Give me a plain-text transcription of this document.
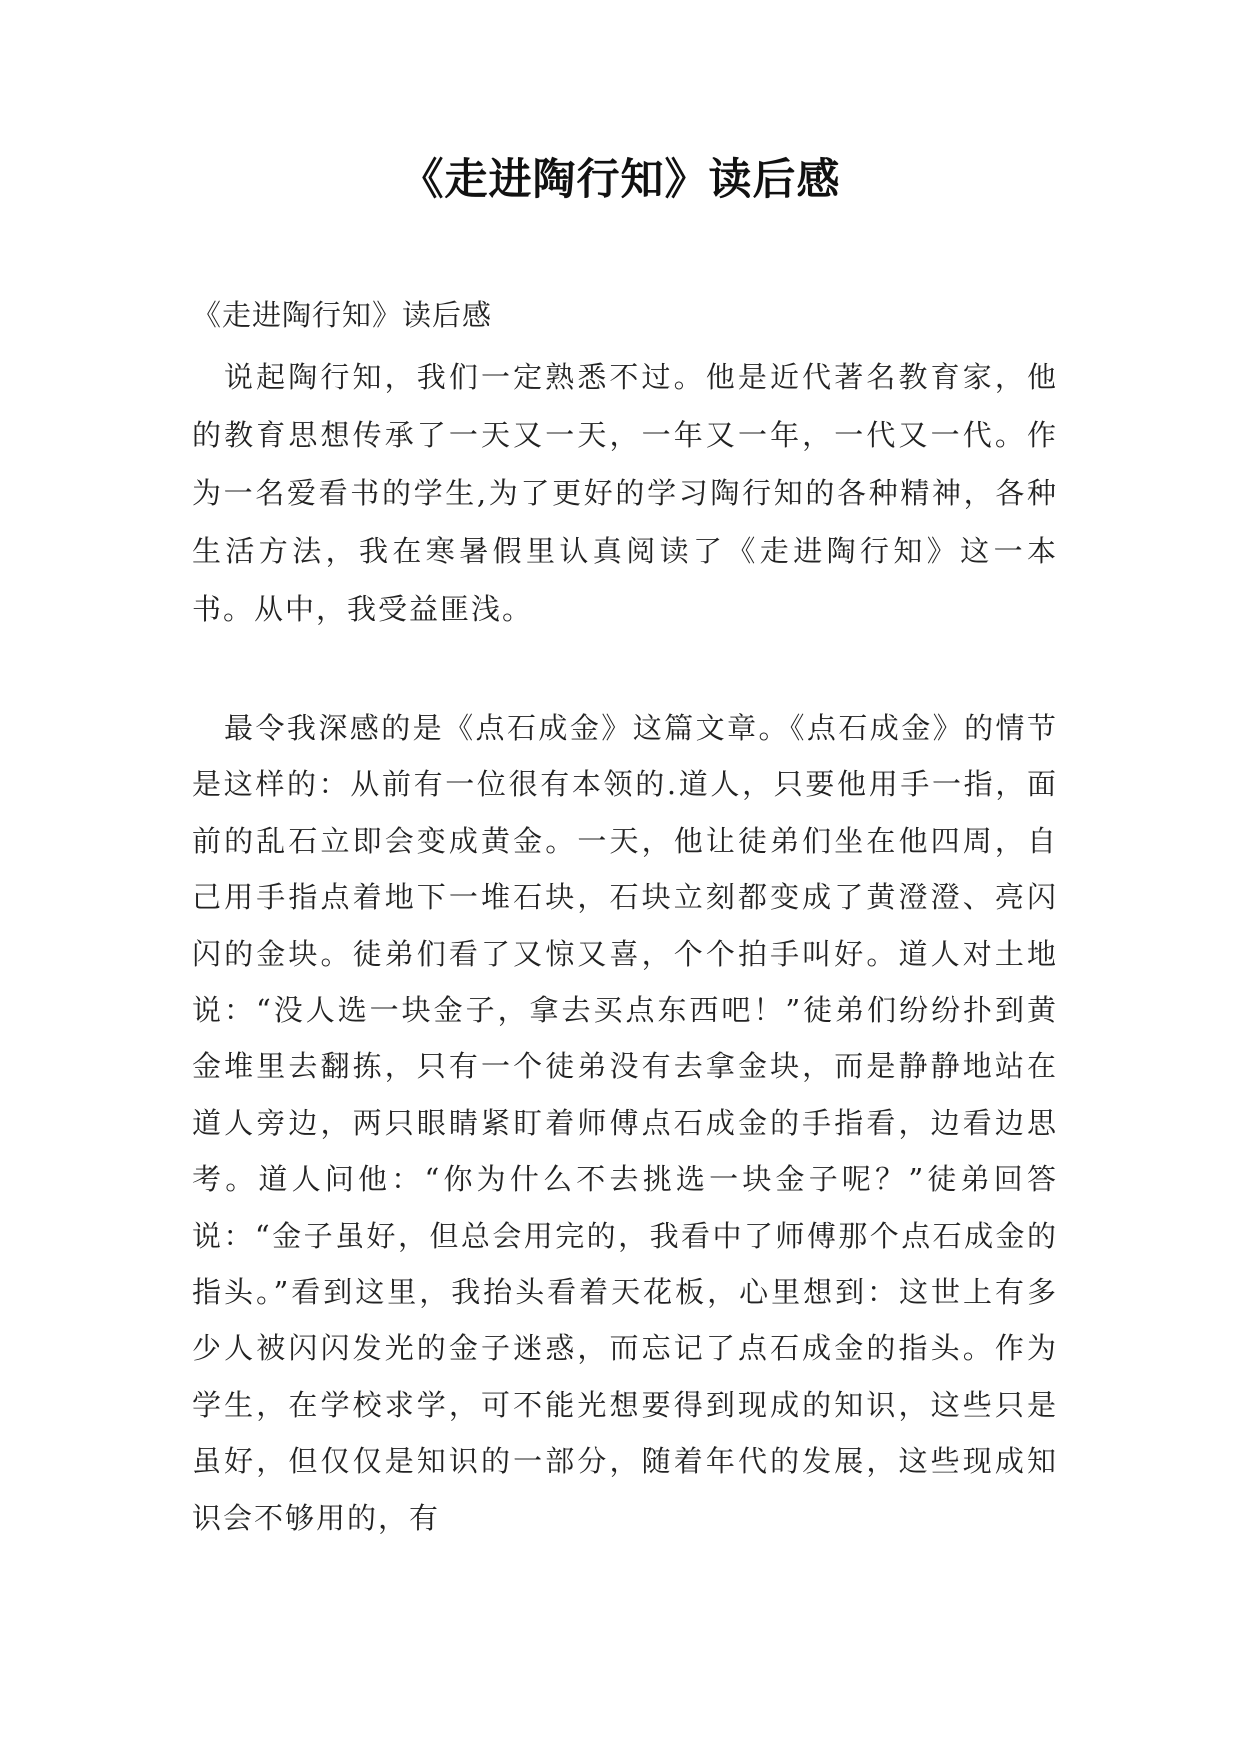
《走进陶行知》读后感
《走进陶行知》读后感

说起陶行知，我们一定熟悉不过。他是近代著名教育家，他的教育思想传承了一天又一天，一年又一年，一代又一代。作为一名爱看书的学生,为了更好的学习陶行知的各种精神，各种生活方法，我在寒暑假里认真阅读了《走进陶行知》这一本书。从中，我受益匪浅。

最令我深感的是《点石成金》这篇文章。《点石成金》的情节是这样的：从前有一位很有本领的.道人，只要他用手一指，面前的乱石立即会变成黄金。一天，他让徒弟们坐在他四周，自己用手指点着地下一堆石块，石块立刻都变成了黄澄澄、亮闪闪的金块。徒弟们看了又惊又喜，个个拍手叫好。道人对土地说：“没人选一块金子，拿去买点东西吧！”徒弟们纷纷扑到黄金堆里去翻拣，只有一个徒弟没有去拿金块，而是静静地站在道人旁边，两只眼睛紧盯着师傅点石成金的手指看，边看边思考。道人问他：“你为什么不去挑选一块金子呢？”徒弟回答说：“金子虽好，但总会用完的，我看中了师傅那个点石成金的指头。”看到这里，我抬头看着天花板，心里想到：这世上有多少人被闪闪发光的金子迷惑，而忘记了点石成金的指头。作为学生，在学校求学，可不能光想要得到现成的知识，这些只是虽好，但仅仅是知识的一部分，随着年代的发展，这些现成知识会不够用的，有
